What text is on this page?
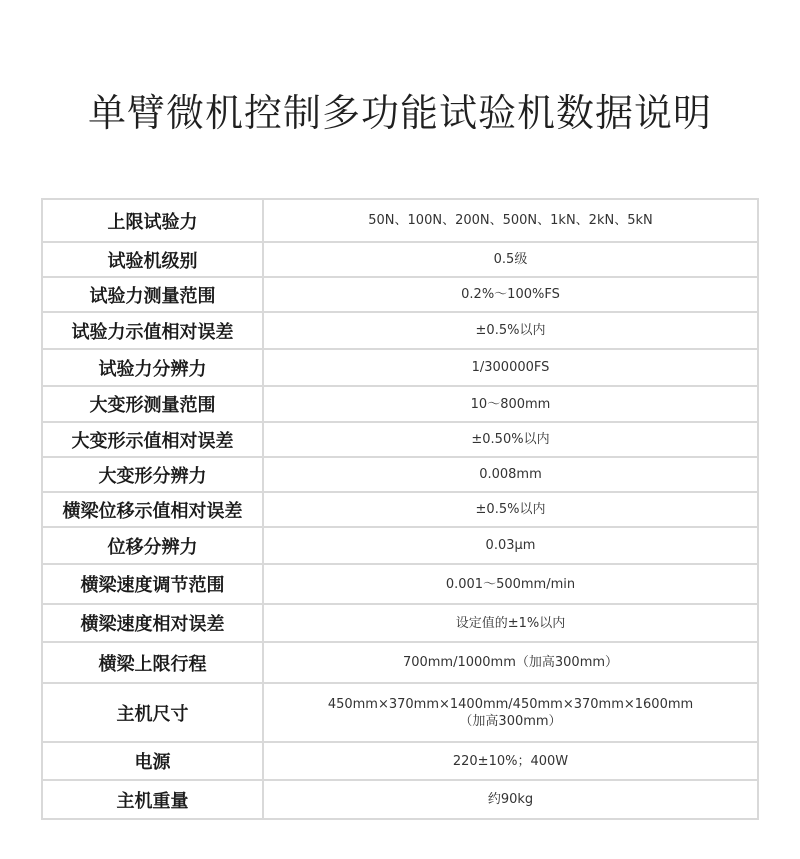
单臂微机控制多功能试验机数据说明
上限试验力	50N、100N、200N、500N、1kN、2kN、5kN
试验机级别	0.5级
试验力测量范围	0.2%～100%FS
试验力示值相对误差	±0.5%以内
试验力分辨力	1/300000FS
大变形测量范围	10～800mm
大变形示值相对误差	±0.50%以内
大变形分辨力	0.008mm
横梁位移示值相对误差	±0.5%以内
位移分辨力	0.03μm
横梁速度调节范围	0.001～500mm/min
横梁速度相对误差	设定值的±1%以内
横梁上限行程	700mm/1000mm（加高300mm）
主机尺寸	450mm×370mm×1400mm/450mm×370mm×1600mm
（加高300mm）

电源	220±10%；400W
主机重量	约90kg
